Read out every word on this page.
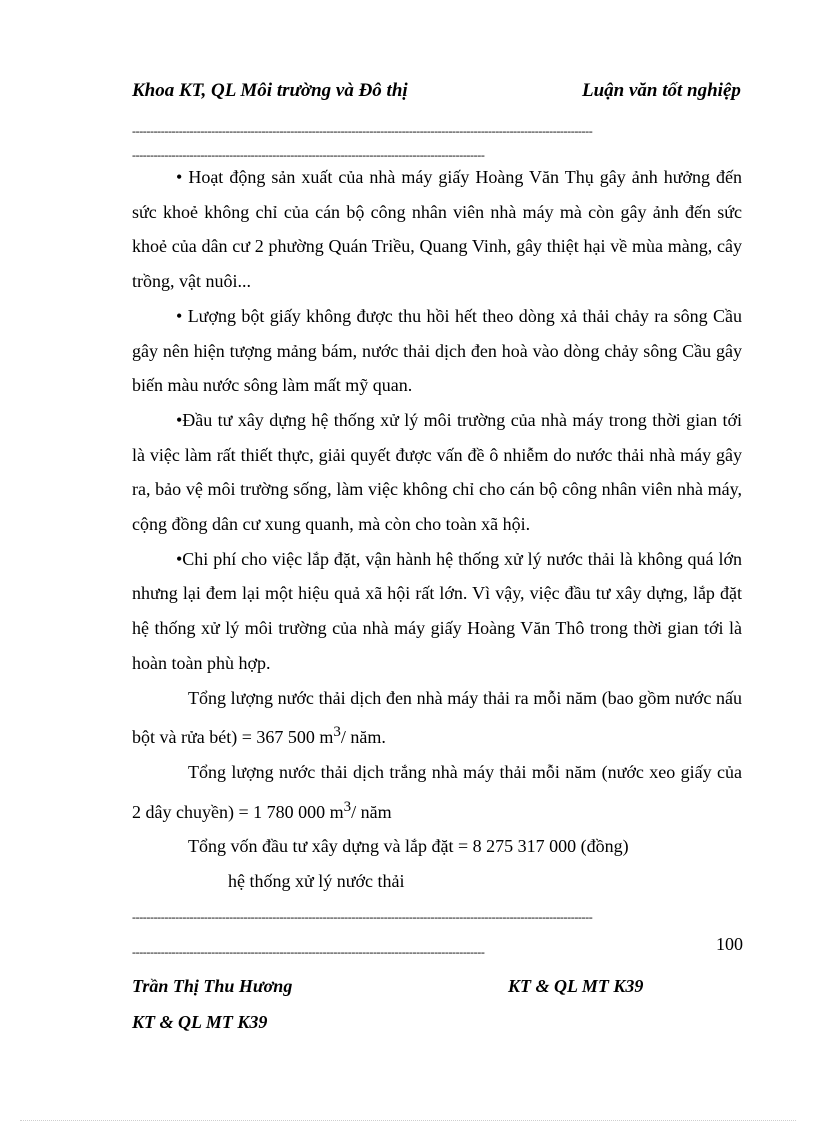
Khoa KT, QL Môi trường và Đô thị	Luận văn tốt nghiệp
--------------------------------------------------------------------------------------------------------------------------------
--------------------------------------------------------------------------------------------------

• Hoạt động sản xuất của nhà máy giấy Hoàng Văn Thụ gây ảnh hưởng đến sức khoẻ không chỉ của cán bộ công nhân viên nhà máy mà còn gây ảnh đến sức khoẻ của dân cư 2 phường Quán Triều, Quang Vinh, gây thiệt hại về mùa màng, cây trồng, vật nuôi...

• Lượng bột giấy không được thu hồi hết theo dòng xả thải chảy ra sông Cầu gây nên hiện tượng mảng bám, nước thải dịch đen hoà vào dòng chảy sông Cầu gây biến màu nước sông làm mất mỹ quan.

•Đầu tư xây dựng hệ thống xử lý môi trường của nhà máy trong thời gian tới là việc làm rất thiết thực, giải quyết được vấn đề ô nhiễm do nước thải nhà máy gây ra, bảo vệ môi trường sống, làm việc không chỉ cho cán bộ công nhân viên nhà máy, cộng đồng dân cư xung quanh, mà còn cho toàn xã hội.

•Chi phí cho việc lắp đặt, vận hành hệ thống xử lý nước thải là không quá lớn nhưng lại đem lại một hiệu quả xã hội rất lớn. Vì vậy, việc đầu tư xây dựng, lắp đặt hệ thống xử lý môi trường của nhà máy giấy Hoàng Văn Thô trong thời gian tới là hoàn toàn phù hợp.

Tổng lượng nước thải dịch đen nhà máy thải ra mỗi năm (bao gồm nước nấu bột và rửa bét) = 367 500 $m^3/$ năm.

Tổng lượng nước thải dịch trắng nhà máy thải mỗi năm (nước xeo giấy của 2 dây chuyền) = 1 780 000 $m^3/$ năm

Tổng vốn đầu tư xây dựng và lắp đặt = 8 275 317 000 (đồng)

hệ thống xử lý nước thải

--------------------------------------------------------------------------------------------------------------------------------
--------------------------------------------------------------------------------------------------	100
Trần Thị Thu Hương	KT & QL MT K39
KT & QL MT K39
